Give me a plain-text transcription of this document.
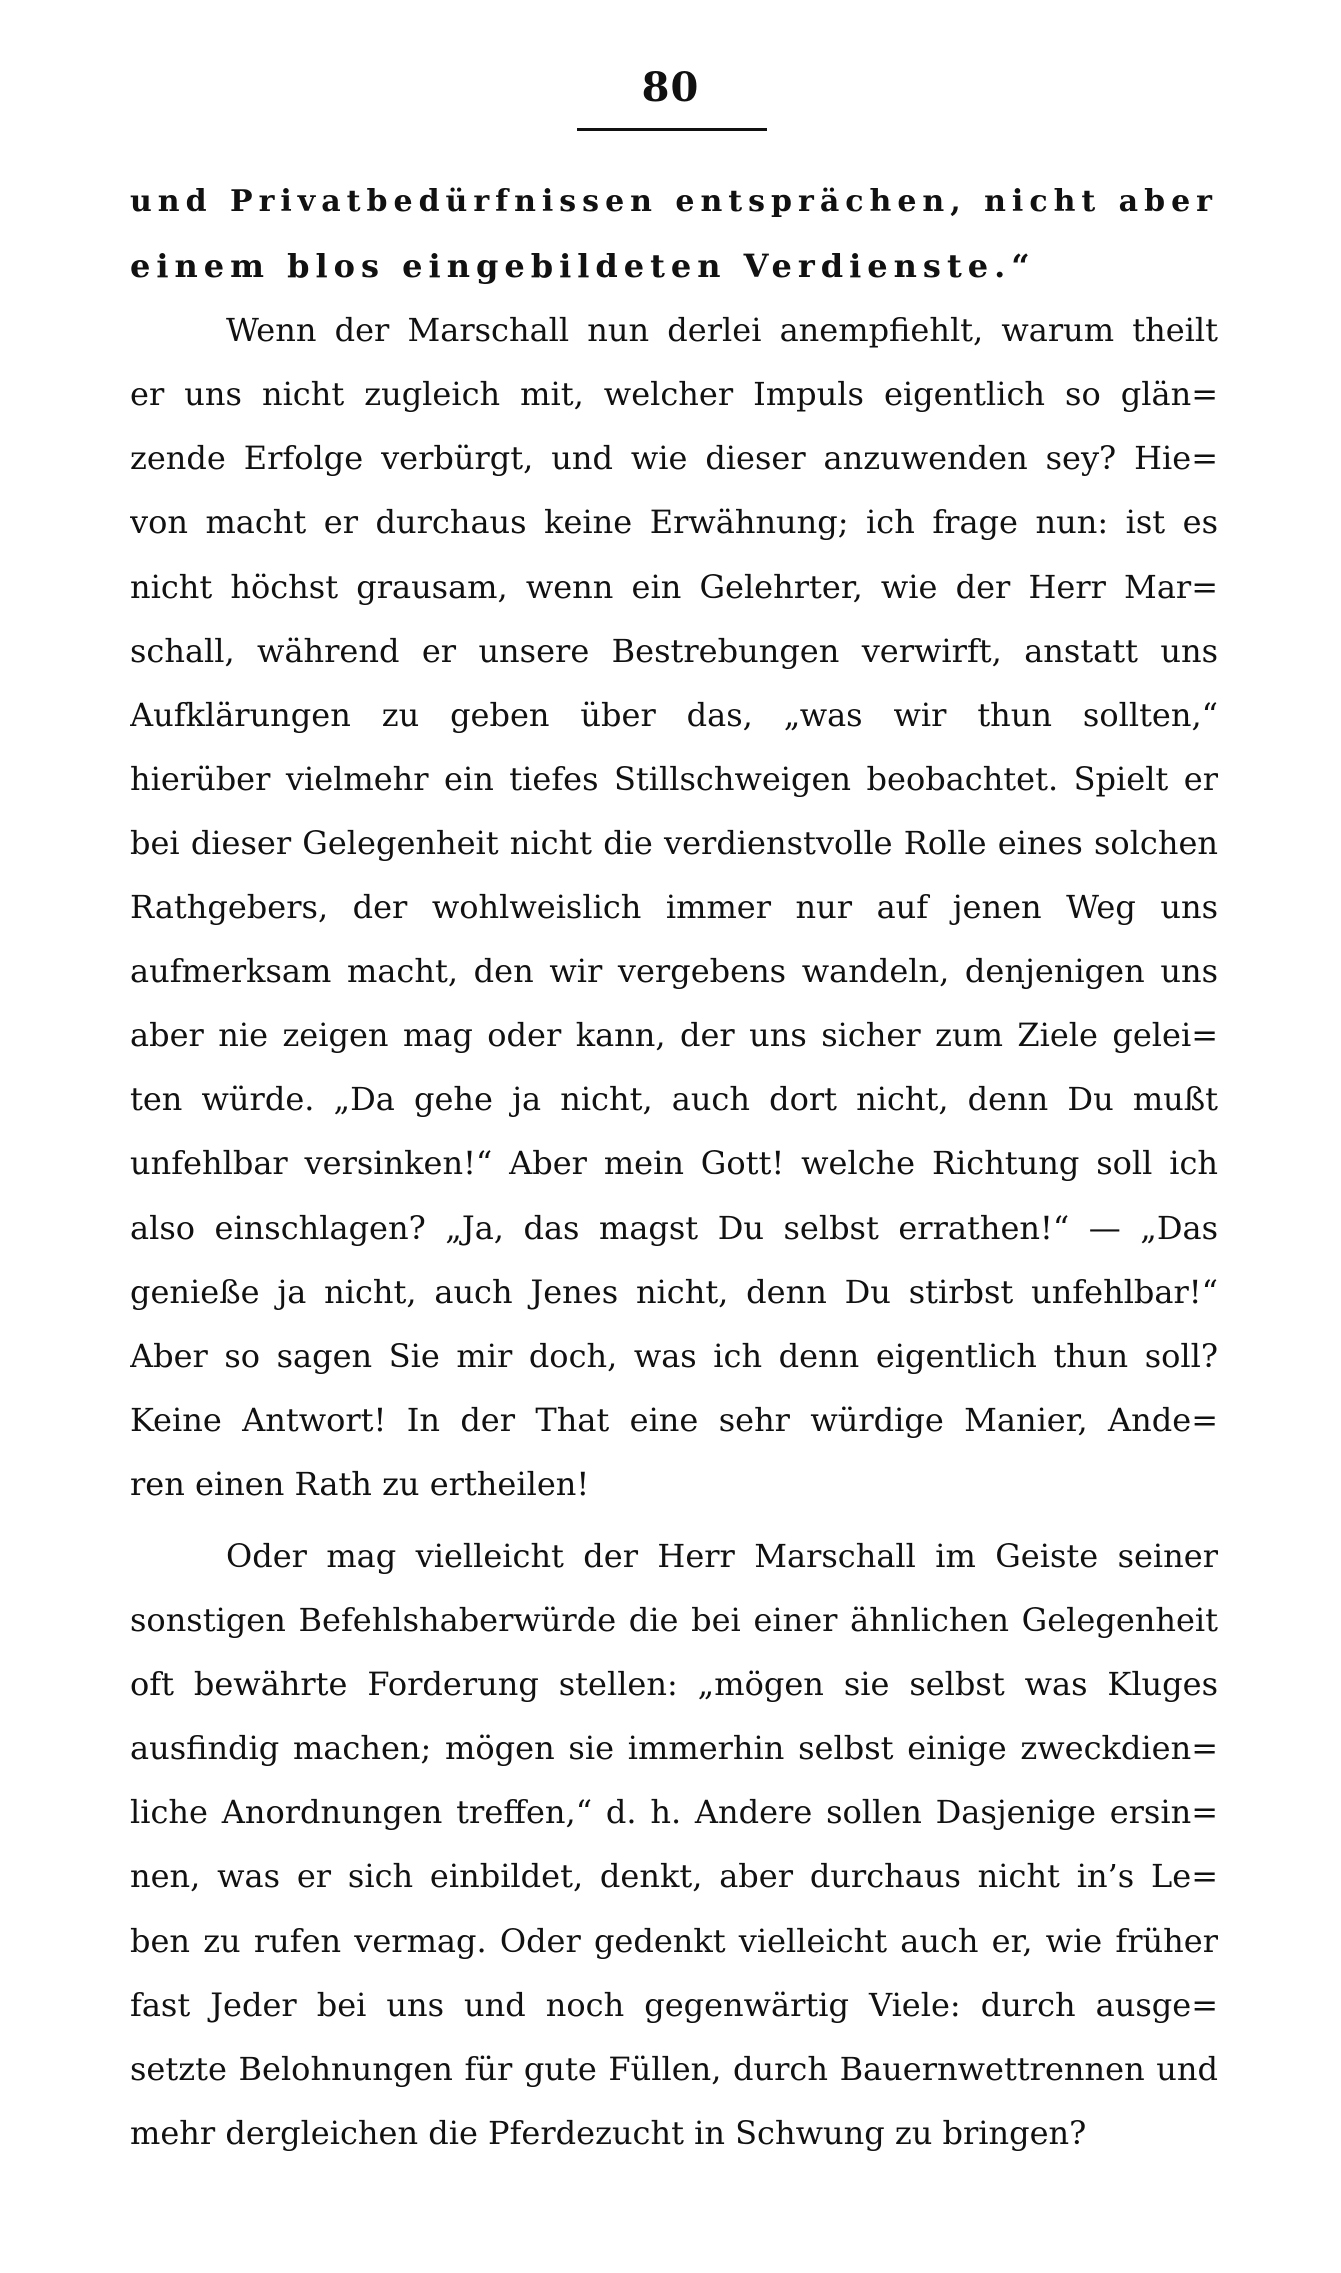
80
und Privatbedürfnissen entsprächen, nicht aber
einem blos eingebildeten Verdienste.“
Wenn der Marschall nun derlei anempfiehlt, warum theilt
er uns nicht zugleich mit, welcher Impuls eigentlich so glän=
zende Erfolge verbürgt, und wie dieser anzuwenden sey? Hie=
von macht er durchaus keine Erwähnung; ich frage nun: ist es
nicht höchst grausam, wenn ein Gelehrter, wie der Herr Mar=
schall, während er unsere Bestrebungen verwirft, anstatt uns
Aufklärungen zu geben über das, „was wir thun sollten,“
hierüber vielmehr ein tiefes Stillschweigen beobachtet. Spielt er
bei dieser Gelegenheit nicht die verdienstvolle Rolle eines solchen
Rathgebers, der wohlweislich immer nur auf jenen Weg uns
aufmerksam macht, den wir vergebens wandeln, denjenigen uns
aber nie zeigen mag oder kann, der uns sicher zum Ziele gelei=
ten würde. „Da gehe ja nicht, auch dort nicht, denn Du mußt
unfehlbar versinken!“ Aber mein Gott! welche Richtung soll ich
also einschlagen? „Ja, das magst Du selbst errathen!“ — „Das
genieße ja nicht, auch Jenes nicht, denn Du stirbst unfehlbar!“
Aber so sagen Sie mir doch, was ich denn eigentlich thun soll?
Keine Antwort! In der That eine sehr würdige Manier, Ande=
ren einen Rath zu ertheilen!
Oder mag vielleicht der Herr Marschall im Geiste seiner
sonstigen Befehlshaberwürde die bei einer ähnlichen Gelegenheit
oft bewährte Forderung stellen: „mögen sie selbst was Kluges
ausfindig machen; mögen sie immerhin selbst einige zweckdien=
liche Anordnungen treffen,“ d. h. Andere sollen Dasjenige ersin=
nen, was er sich einbildet, denkt, aber durchaus nicht in’s Le=
ben zu rufen vermag. Oder gedenkt vielleicht auch er, wie früher
fast Jeder bei uns und noch gegenwärtig Viele: durch ausge=
setzte Belohnungen für gute Füllen, durch Bauernwettrennen und
mehr dergleichen die Pferdezucht in Schwung zu bringen?
